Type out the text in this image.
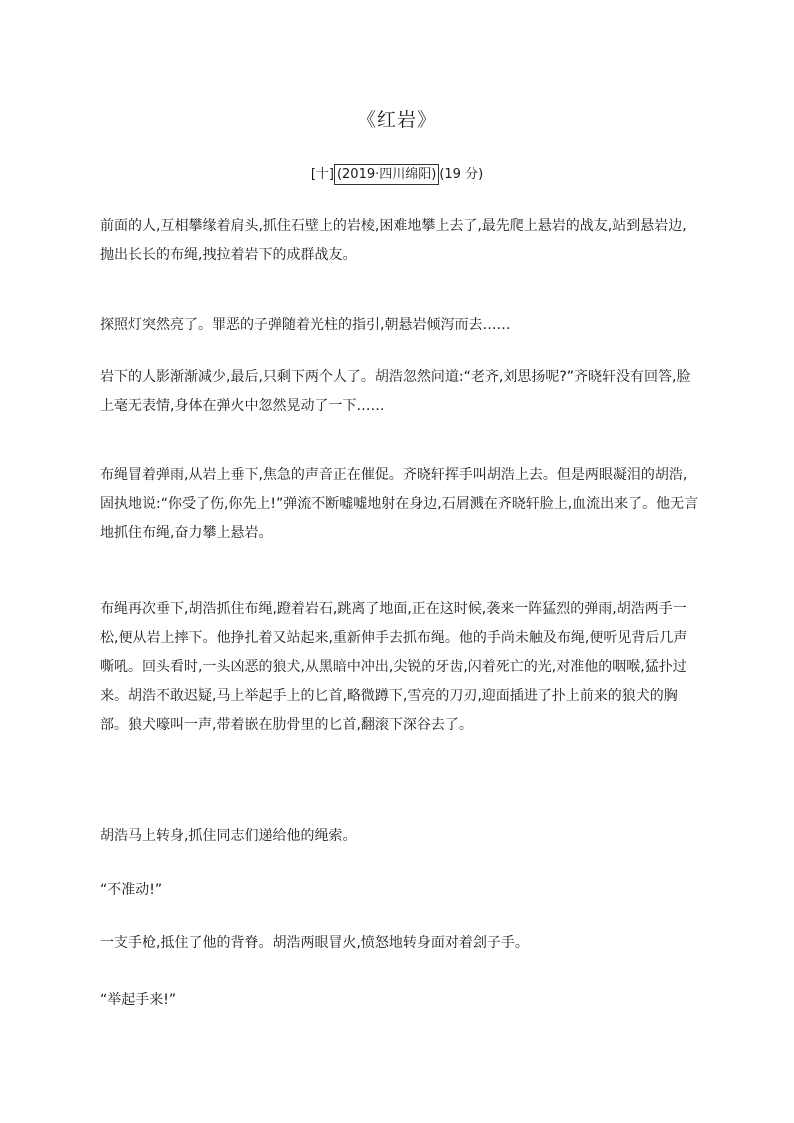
《红岩》
[十] (2019·四川绵阳) (19 分)

前面的人,互相攀缘着肩头,抓住石壁上的岩棱,困难地攀上去了,最先爬上悬岩的战友,站到悬岩边,抛出长长的布绳,拽拉着岩下的成群战友。

探照灯突然亮了。罪恶的子弹随着光柱的指引,朝悬岩倾泻而去……

岩下的人影渐渐减少,最后,只剩下两个人了。胡浩忽然问道:“老齐,刘思扬呢?”齐晓轩没有回答,脸上毫无表情,身体在弹火中忽然晃动了一下……

布绳冒着弹雨,从岩上垂下,焦急的声音正在催促。齐晓轩挥手叫胡浩上去。但是两眼凝泪的胡浩,固执地说:“你受了伤,你先上!”弹流不断嘘嘘地射在身边,石屑溅在齐晓轩脸上,血流出来了。他无言地抓住布绳,奋力攀上悬岩。

布绳再次垂下,胡浩抓住布绳,蹬着岩石,跳离了地面,正在这时候,袭来一阵猛烈的弹雨,胡浩两手一松,便从岩上摔下。他挣扎着又站起来,重新伸手去抓布绳。他的手尚未触及布绳,便听见背后几声嘶吼。回头看时,一头凶恶的狼犬,从黑暗中冲出,尖锐的牙齿,闪着死亡的光,对准他的咽喉,猛扑过来。胡浩不敢迟疑,马上举起手上的匕首,略微蹲下,雪亮的刀刃,迎面插进了扑上前来的狼犬的胸部。狼犬嚎叫一声,带着嵌在肋骨里的匕首,翻滚下深谷去了。

胡浩马上转身,抓住同志们递给他的绳索。

“不准动!”

一支手枪,抵住了他的背脊。胡浩两眼冒火,愤怒地转身面对着刽子手。

“举起手来!”
